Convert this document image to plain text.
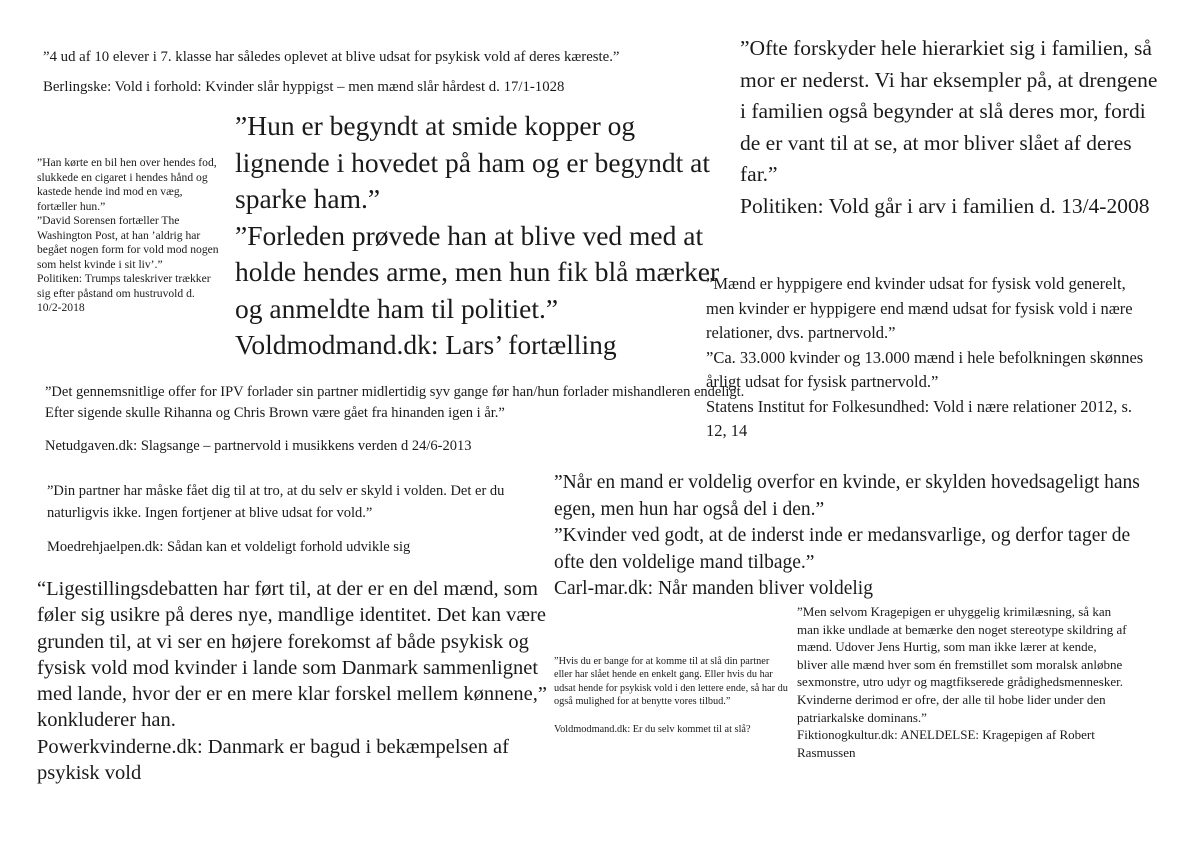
”4 ud af 10 elever i 7. klasse har således oplevet at blive udsat for psykisk vold af deres kæreste.”

Berlingske: Vold i forhold: Kvinder slår hyppigst – men mænd slår hårdest d. 17/1-1028

”Ofte forskyder hele hierarkiet sig i familien, så mor er nederst. Vi har eksempler på, at drengene i familien også begynder at slå deres mor, fordi de er vant til at se, at mor bliver slået af deres far.”

Politiken: Vold går i arv i familien d. 13/4-2008

”Han kørte en bil hen over hendes fod, slukkede en cigaret i hendes hånd og kastede hende ind mod en væg, fortæller hun.”

”David Sorensen fortæller The Washington Post, at han ’aldrig har begået nogen form for vold mod nogen som helst kvinde i sit liv’.”

Politiken: Trumps taleskriver trækker sig efter påstand om hustruvold d. 10/2-2018

”Hun er begyndt at smide kopper og lignende i hovedet på ham og er begyndt at sparke ham.”

”Forleden prøvede han at blive ved med at holde hendes arme, men hun fik blå mærker og anmeldte ham til politiet.”

Voldmodmand.dk: Lars’ fortælling

”Mænd er hyppigere end kvinder udsat for fysisk vold generelt, men kvinder er hyppigere end mænd udsat for fysisk vold i nære relationer, dvs. partnervold.”

”Ca. 33.000 kvinder og 13.000 mænd i hele befolkningen skønnes årligt udsat for fysisk partnervold.”

Statens Institut for Folkesundhed: Vold i nære relationer 2012, s. 12, 14

”Det gennemsnitlige offer for IPV forlader sin partner midlertidig syv gange før han/hun forlader mishandleren endeligt. Efter sigende skulle Rihanna og Chris Brown være gået fra hinanden igen i år.”

Netudgaven.dk: Slagsange – partnervold i musikkens verden d 24/6-2013

”Din partner har måske fået dig til at tro, at du selv er skyld i volden. Det er du naturligvis ikke. Ingen fortjener at blive udsat for vold.”

Moedrehjaelpen.dk: Sådan kan et voldeligt forhold udvikle sig

”Når en mand er voldelig overfor en kvinde, er skylden hovedsageligt hans egen, men hun har også del i den.”

”Kvinder ved godt, at de inderst inde er medansvarlige, og derfor tager de ofte den voldelige mand tilbage.”

Carl-mar.dk: Når manden bliver voldelig

“Ligestillingsdebatten har ført til, at der er en del mænd, som føler sig usikre på deres nye, mandlige identitet. Det kan være grunden til, at vi ser en højere forekomst af både psykisk og fysisk vold mod kvinder i lande som Danmark sammenlignet med lande, hvor der er en mere klar forskel mellem kønnene,” konkluderer han.

Powerkvinderne.dk: Danmark er bagud i bekæmpelsen af psykisk vold

”Hvis du er bange for at komme til at slå din partner eller har slået hende en enkelt gang. Eller hvis du har udsat hende for psykisk vold i den lettere ende, så har du også mulighed for at benytte vores tilbud.”

Voldmodmand.dk: Er du selv kommet til at slå?

”Men selvom Kragepigen er uhyggelig krimilæsning, så kan man ikke undlade at bemærke den noget stereotype skildring af mænd. Udover Jens Hurtig, som man ikke lærer at kende, bliver alle mænd hver som én fremstillet som moralsk anløbne sexmonstre, utro udyr og magtfikserede grådighedsmennesker. Kvinderne derimod er ofre, der alle til hobe lider under den patriarkalske dominans.”

Fiktionogkultur.dk: ANELDELSE: Kragepigen af Robert Rasmussen
